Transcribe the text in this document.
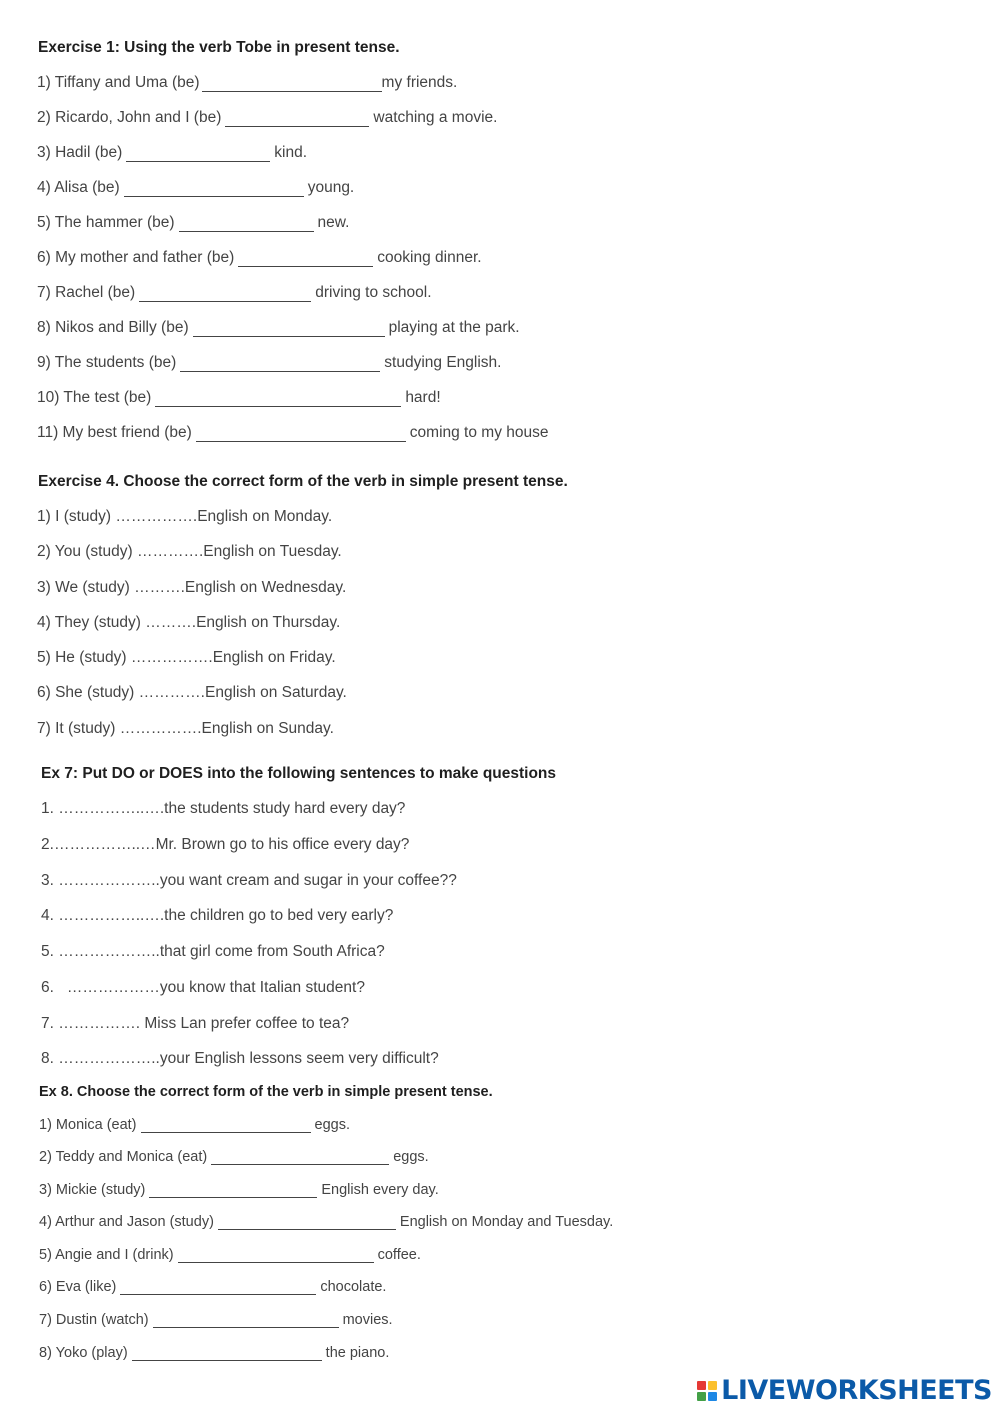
Exercise 1: Using the verb Tobe in present tense.
1) Tiffany and Uma (be)	my friends.
2) Ricardo, John and I (be)	watching a movie.
3) Hadil (be)	kind.
4) Alisa (be)	young.
5) The hammer (be)	new.
6) My mother and father (be)	cooking dinner.
7) Rachel (be)	driving to school.
8) Nikos and Billy (be)	playing at the park.
9) The students (be)	studying English.
10) The test (be)	hard!
11) My best friend (be)	coming to my house
Exercise 4. Choose the correct form of the verb in simple present tense.
1) I (study)
……………. English on Monday.
2) You (study)
…………. English on Tuesday.
3) We (study)
………. English on Wednesday.
4) They (study)
………. English on Thursday.
5) He (study)
……………. English on Friday.
6) She (study)
…………. English on Saturday.
7) It (study)
……………. English on Sunday.
Ex 7: Put DO or DOES into the following sentences to make questions
1.
……………..…. the students study hard every day?
2. ……………..… Mr. Brown go to his office every day?
3.
……………….. you want cream and sugar in your coffee??
4.
……………..…. the children go to bed very early?
5.
……………….. that girl come from South Africa?
6.
……………… you know that Italian student?
7.
…………….
Miss Lan prefer coffee to tea?
8.
……………….. your English lessons seem very difficult?
Ex 8. Choose the correct form of the verb in simple present tense.
1) Monica (eat)	eggs.
2) Teddy and Monica (eat)	eggs.
3) Mickie (study)	English every day.
4) Arthur and Jason (study)	English on Monday and Tuesday.
5) Angie and I (drink)	coffee.
6) Eva (like)	chocolate.
7) Dustin (watch)	movies.
8) Yoko (play)	the piano.
LIVEWORKSHEETS
